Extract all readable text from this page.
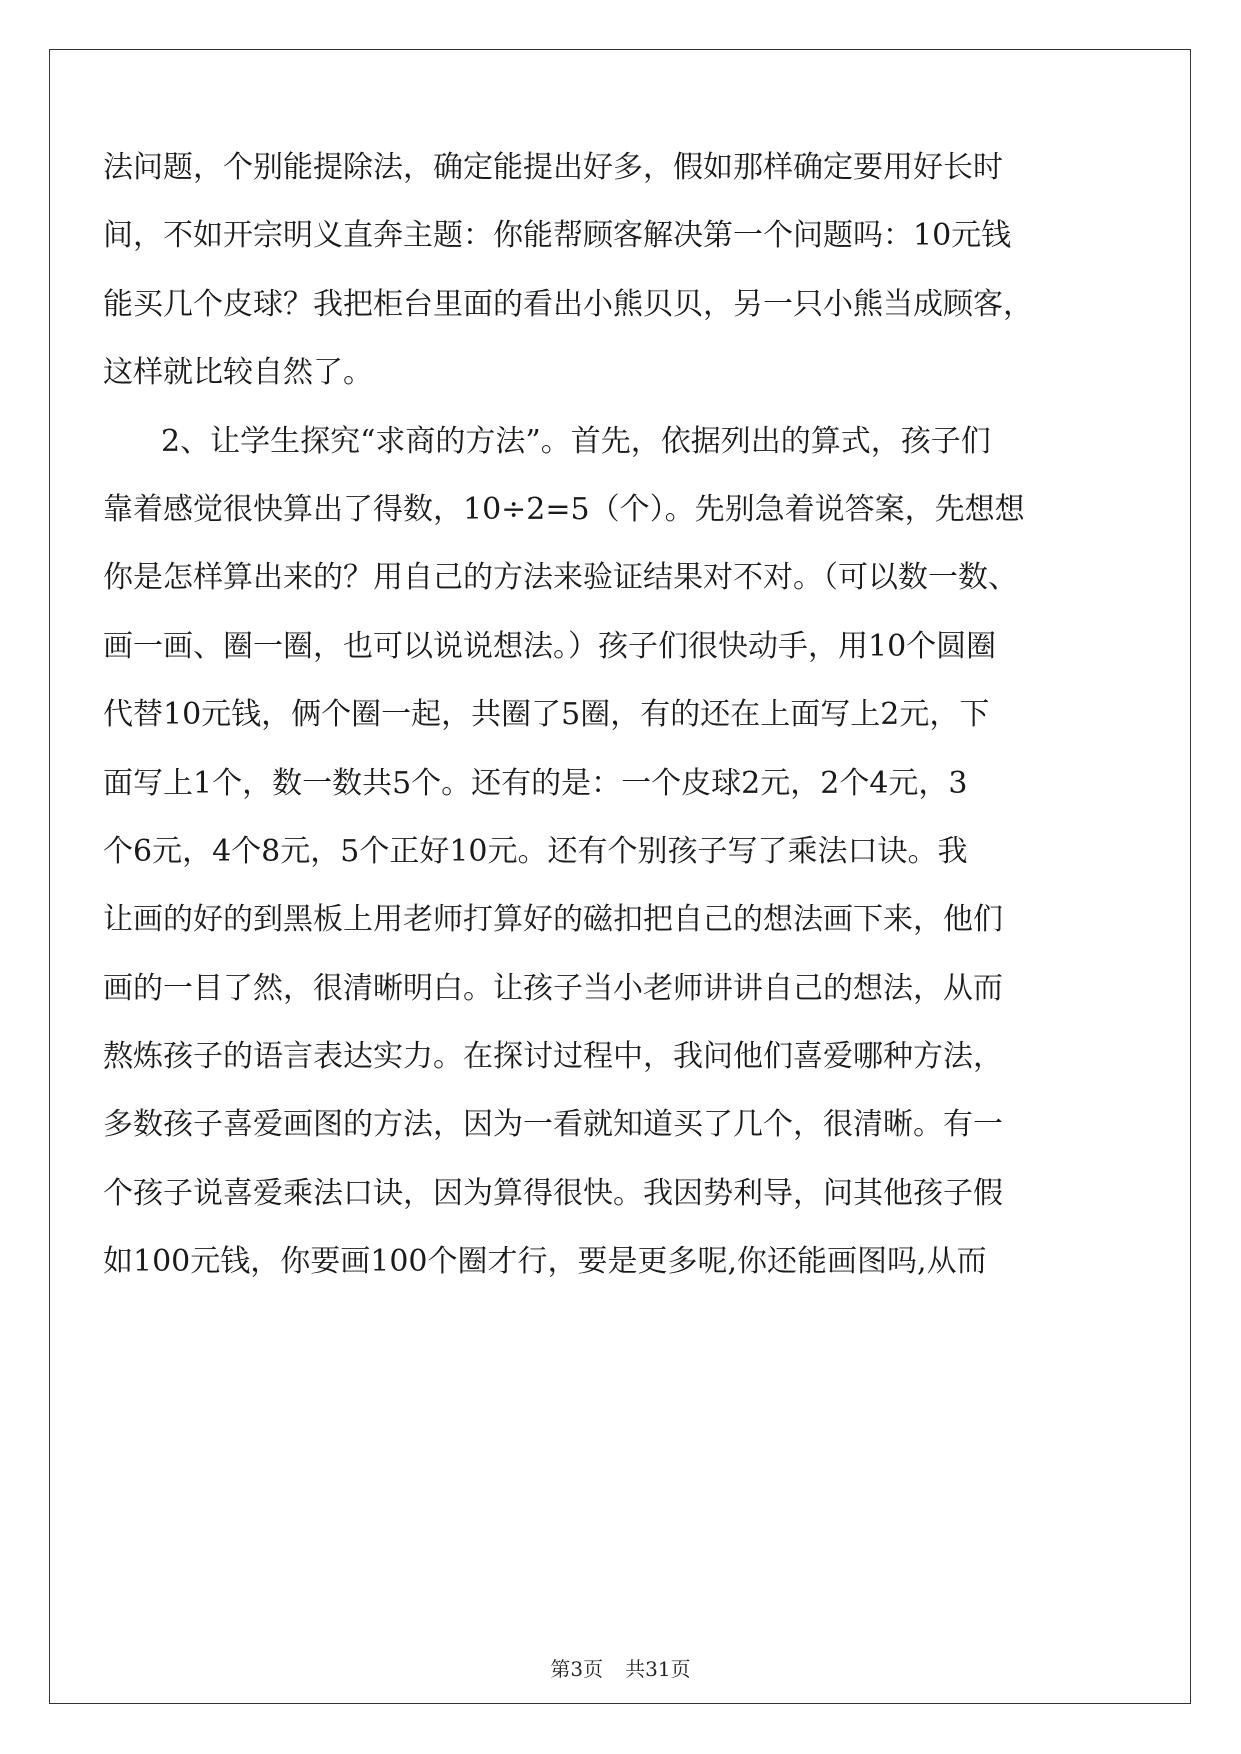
法问题，个别能提除法，确定能提出好多，假如那样确定要用好长时
间，不如开宗明义直奔主题：你能帮顾客解决第一个问题吗：10元钱
能买几个皮球？我把柜台里面的看出小熊贝贝，另一只小熊当成顾客，
这样就比较自然了。
2、让学生探究“求商的方法”。首先，依据列出的算式，孩子们
靠着感觉很快算出了得数，10÷2=5（个）。先别急着说答案，先想想
你是怎样算出来的？用自己的方法来验证结果对不对。（可以数一数、
画一画、圈一圈，也可以说说想法。）孩子们很快动手，用10个圆圈
代替10元钱，俩个圈一起，共圈了5圈，有的还在上面写上2元，下
面写上1个，数一数共5个。还有的是：一个皮球2元，2个4元，3
个6元，4个8元，5个正好10元。还有个别孩子写了乘法口诀。我
让画的好的到黑板上用老师打算好的磁扣把自己的想法画下来，他们
画的一目了然，很清晰明白。让孩子当小老师讲讲自己的想法，从而
熬炼孩子的语言表达实力。在探讨过程中，我问他们喜爱哪种方法，
多数孩子喜爱画图的方法，因为一看就知道买了几个，很清晰。有一
个孩子说喜爱乘法口诀，因为算得很快。我因势利导，问其他孩子假
如100元钱，你要画100个圈才行，要是更多呢,你还能画图吗,从而
第3页 共31页
